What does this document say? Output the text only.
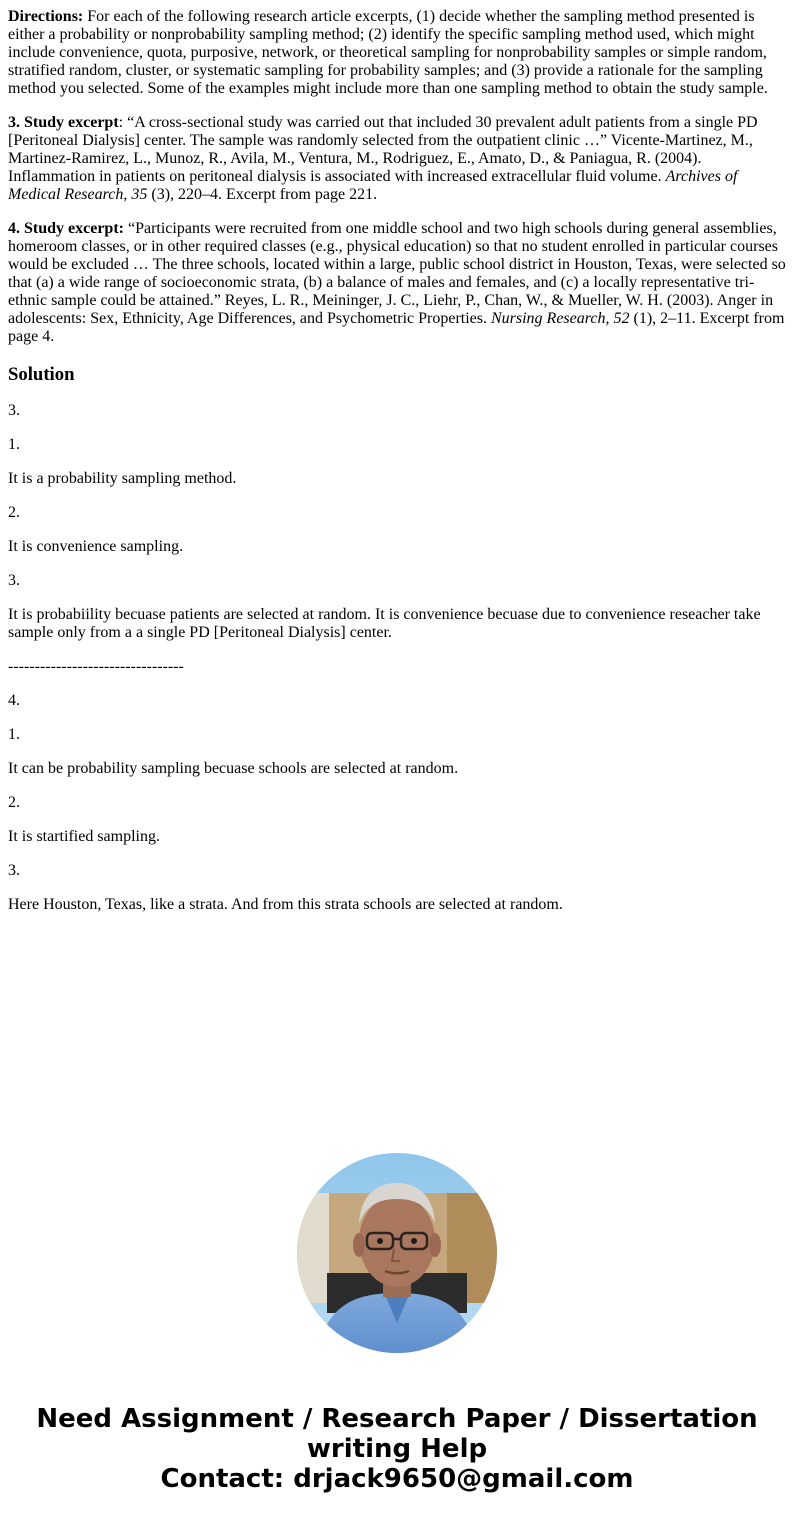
Directions: For each of the following research article excerpts, (1) decide whether the sampling method presented is either a probability or nonprobability sampling method; (2) identify the specific sampling method used, which might include convenience, quota, purposive, network, or theoretical sampling for nonprobability samples or simple random, stratified random, cluster, or systematic sampling for probability samples; and (3) provide a rationale for the sampling method you selected. Some of the examples might include more than one sampling method to obtain the study sample.

3. Study excerpt: “A cross-sectional study was carried out that included 30 prevalent adult patients from a single PD [Peritoneal Dialysis] center. The sample was randomly selected from the outpatient clinic …” Vicente-Martinez, M., Martinez-Ramirez, L., Munoz, R., Avila, M., Ventura, M., Rodriguez, E., Amato, D., & Paniagua, R. (2004). Inflammation in patients on peritoneal dialysis is associated with increased extracellular fluid volume. Archives of Medical Research, 35 (3), 220–4. Excerpt from page 221.

4. Study excerpt: “Participants were recruited from one middle school and two high schools during general assemblies, homeroom classes, or in other required classes (e.g., physical education) so that no student enrolled in particular courses would be excluded … The three schools, located within a large, public school district in Houston, Texas, were selected so that (a) a wide range of socioeconomic strata, (b) a balance of males and females, and (c) a locally representative tri-ethnic sample could be attained.” Reyes, L. R., Meininger, J. C., Liehr, P., Chan, W., & Mueller, W. H. (2003). Anger in adolescents: Sex, Ethnicity, Age Differences, and Psychometric Properties. Nursing Research, 52 (1), 2–11. Excerpt from page 4.

Solution

3.

1.

It is a probability sampling method.

2.

It is convenience sampling.

3.

It is probabiility becuase patients are selected at random. It is convenience becuase due to convenience reseacher take sample only from a a single PD [Peritoneal Dialysis] center.

---------------------------------

4.

1.

It can be probability sampling becuase schools are selected at random.

2.

It is startified sampling.

3.

Here Houston, Texas, like a strata. And from this strata schools are selected at random.

Need Assignment / Research Paper / Dissertation
writing Help
Contact: drjack9650@gmail.com
